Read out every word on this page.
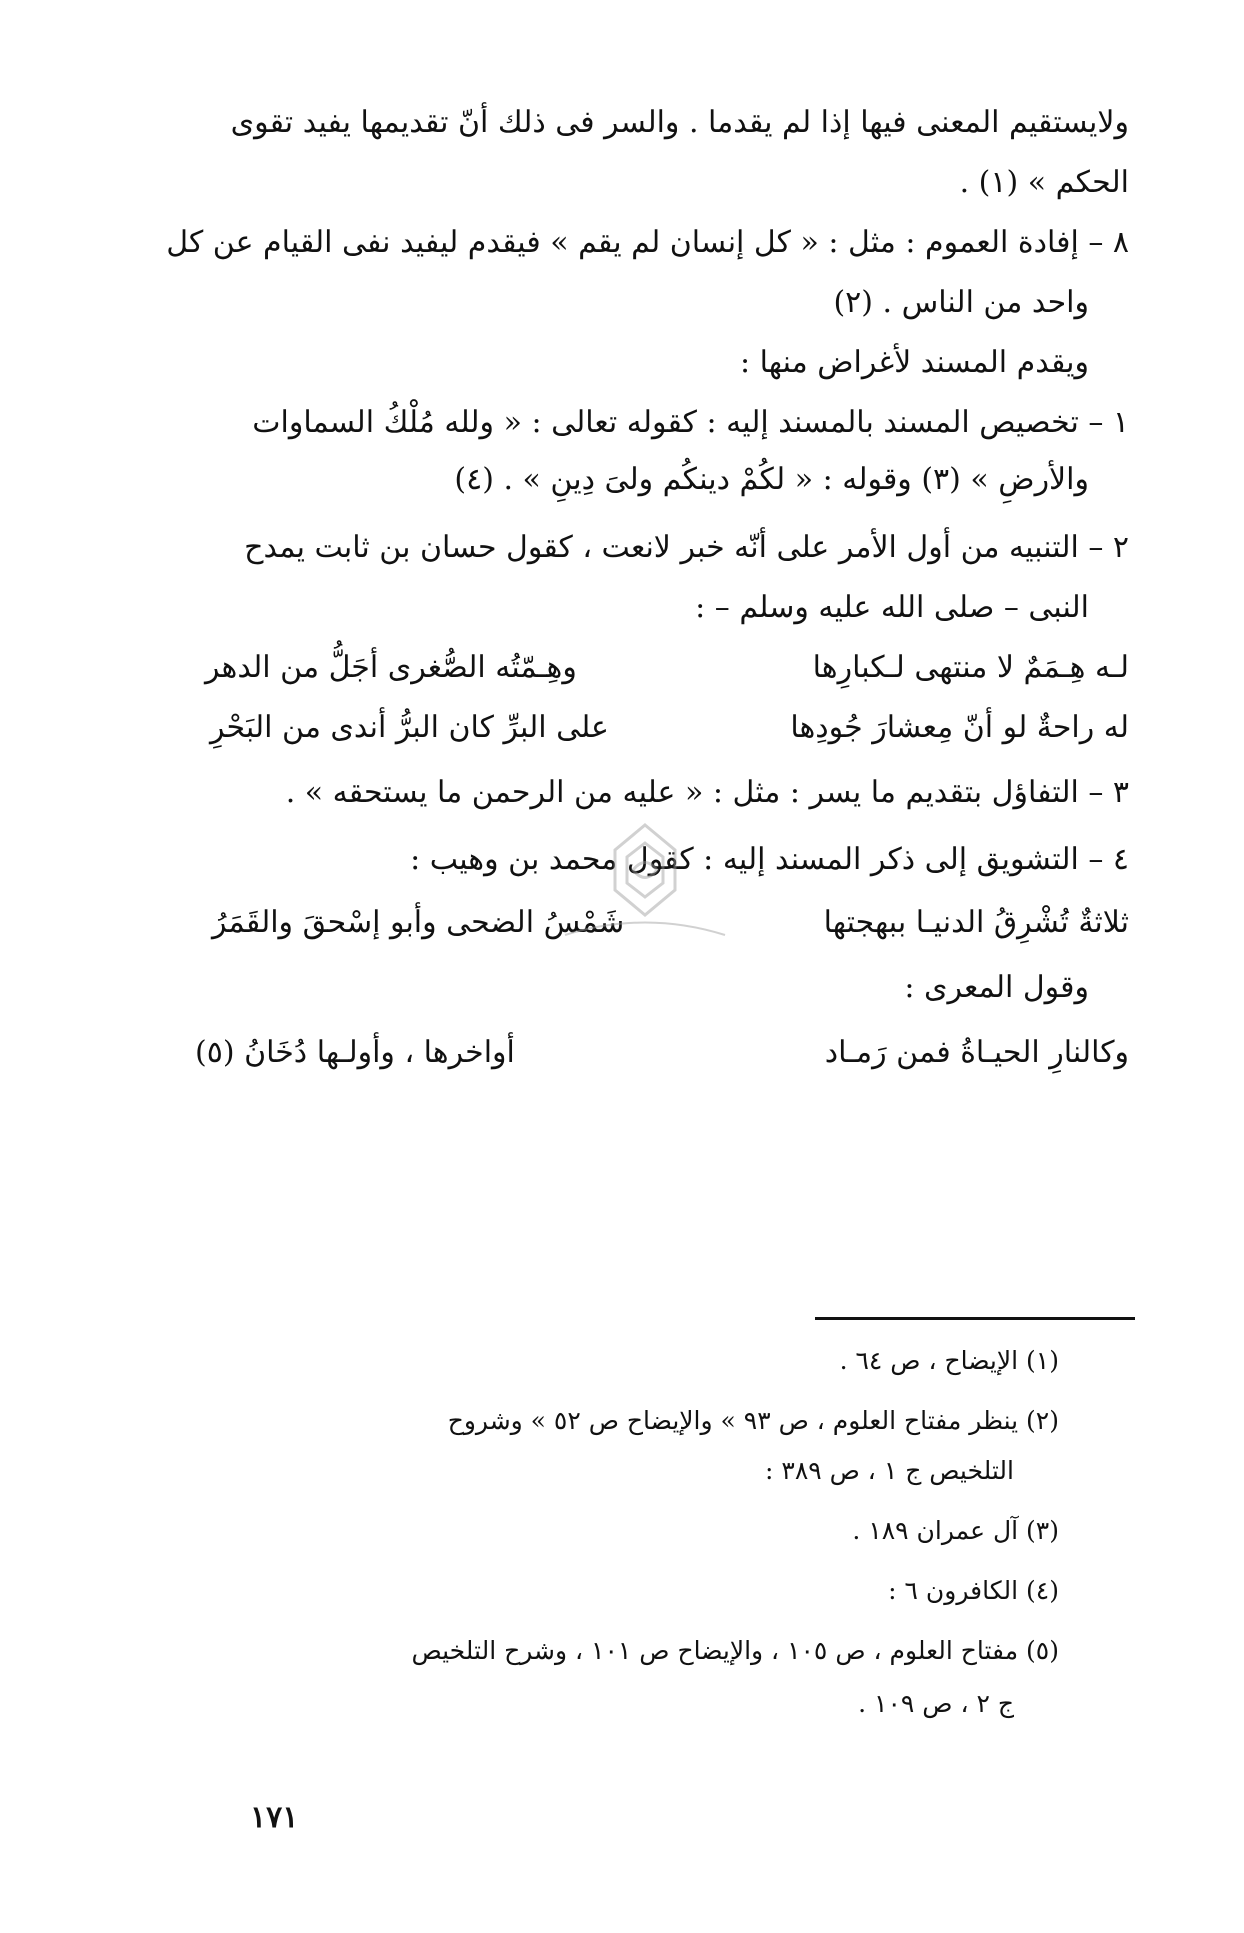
ولايستقيم المعنى فيها إذا لم يقدما . والسر فى ذلك أنّ تقديمها يفيد تقوى
الحكم » (١) .
٨ – إفادة العموم : مثل : « كل إنسان لم يقم » فيقدم ليفيد نفى القيام عن كل
واحد من الناس . (٢)
ويقدم المسند لأغراض منها :
١ – تخصيص المسند بالمسند إليه : كقوله تعالى : « ولله مُلْكُ السماوات
والأرضِ » (٣) وقوله : « لكُمْ دينكُم ولىَ دِينِ » . (٤)
٢ – التنبيه من أول الأمر على أنّه خبر لانعت ، كقول حسان بن ثابت يمدح
النبى – صلى الله عليه وسلم – :
لـه هِـمَمٌ لا منتهى لـكبارِها
وهِـمّتُه الصُّغرى أجَلُّ من الدهر
له راحةٌ لو أنّ مِعشارَ جُودِها
على البرِّ كان البرُّ أندى من البَحْرِ
٣ – التفاؤل بتقديم ما يسر : مثل : « عليه من الرحمن ما يستحقه » .
٤ – التشويق إلى ذكر المسند إليه : كقول محمد بن وهيب :
ثلاثةٌ تُشْرِقُ الدنيـا ببهجتها
شَمْسُ الضحى وأبو إسْحقَ والقَمَرُ
وقول المعرى :
وكالنارِ الحيـاةُ فمن رَمـاد
أواخرها ، وأولـها دُخَانُ (٥)
(١) الإيضاح ، ص ٦٤ .
(٢) ينظر مفتاح العلوم ، ص ٩٣ » والإيضاح ص ٥٢ » وشروح
التلخيص ج ١ ، ص ٣٨٩ :
(٣) آل عمران ١٨٩ .
(٤) الكافرون ٦ :
(٥) مفتاح العلوم ، ص ١٠٥ ، والإيضاح ص ١٠١ ، وشرح التلخيص
ج ٢ ، ص ١٠٩ .
١٧١
